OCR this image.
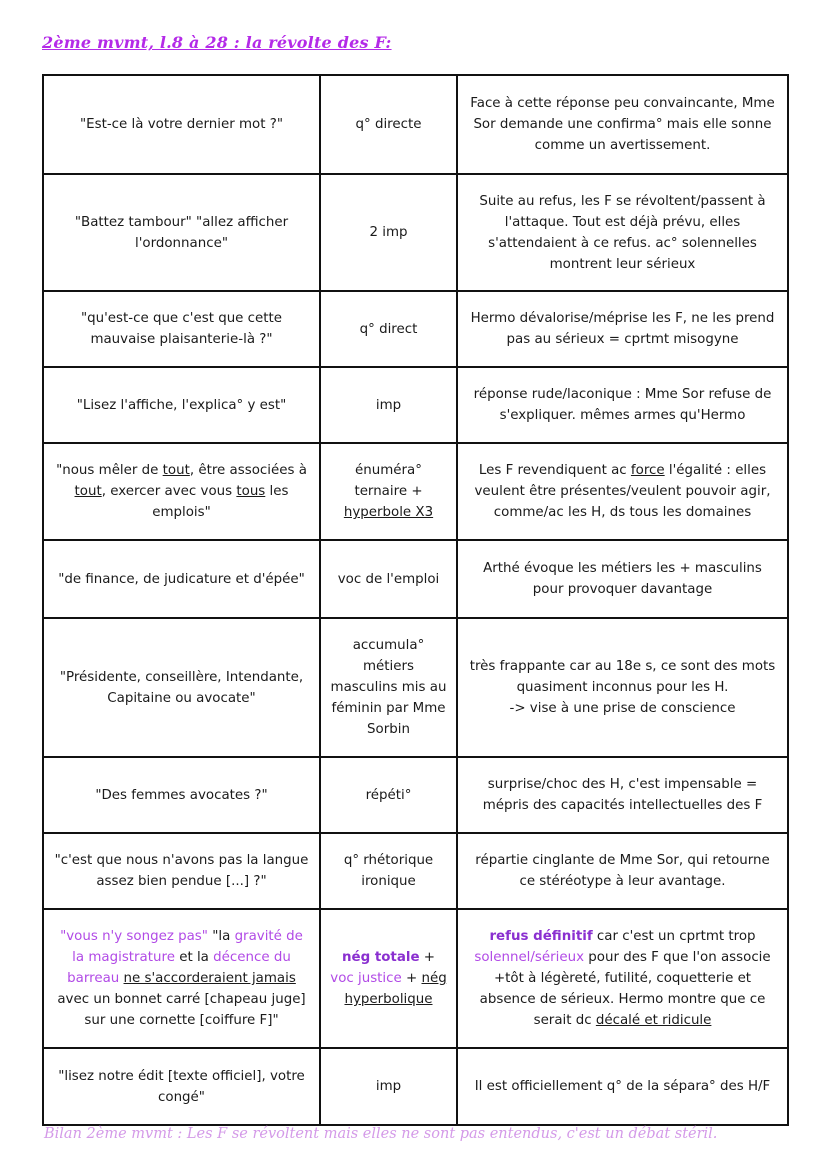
2ème mvmt, l.8 à 28 : la révolte des F:
"Est-ce là votre dernier mot ?"	q° directe	Face à cette réponse peu convaincante, Mme Sor demande une confirma° mais elle sonne comme un avertissement.
"Battez tambour" "allez afficher l'ordonnance"	2 imp	Suite au refus, les F se révoltent/passent à l'attaque. Tout est déjà prévu, elles s'attendaient à ce refus. ac° solennelles montrent leur sérieux
"qu'est-ce que c'est que cette mauvaise plaisanterie-là ?"	q° direct	Hermo dévalorise/méprise les F, ne les prend pas au sérieux = cprtmt misogyne
"Lisez l'affiche, l'explica° y est"	imp	réponse rude/laconique : Mme Sor refuse de s'expliquer. mêmes armes qu'Hermo
"nous mêler de tout, être associées à tout, exercer avec vous tous les emplois"	énuméra° ternaire + hyperbole X3	Les F revendiquent ac force l'égalité : elles veulent être présentes/veulent pouvoir agir, comme/ac les H, ds tous les domaines
"de finance, de judicature et d'épée"	voc de l'emploi	Arthé évoque les métiers les + masculins pour provoquer davantage
"Présidente, conseillère, Intendante, Capitaine ou avocate"	accumula° métiers masculins mis au féminin par Mme Sorbin	très frappante car au 18e s, ce sont des mots quasiment inconnus pour les H.
-> vise à une prise de conscience

"Des femmes avocates ?"	répéti°	surprise/choc des H, c'est impensable = mépris des capacités intellectuelles des F
"c'est que nous n'avons pas la langue assez bien pendue [...] ?"	q° rhétorique ironique	répartie cinglante de Mme Sor, qui retourne ce stéréotype à leur avantage.
"vous n'y songez pas" "la gravité de la magistrature et la décence du barreau ne s'accorderaient jamais avec un bonnet carré [chapeau juge] sur une cornette [coiffure F]"	nég totale + voc justice + nég hyperbolique	refus définitif car c'est un cprtmt trop solennel/sérieux pour des F que l'on associe +tôt à légèreté, futilité, coquetterie et absence de sérieux. Hermo montre que ce serait dc décalé et ridicule
"lisez notre édit [texte officiel], votre congé"	imp	Il est officiellement q° de la sépara° des H/F
Bilan 2ème mvmt : Les F se révoltent mais elles ne sont pas entendus, c'est un débat stéril.
